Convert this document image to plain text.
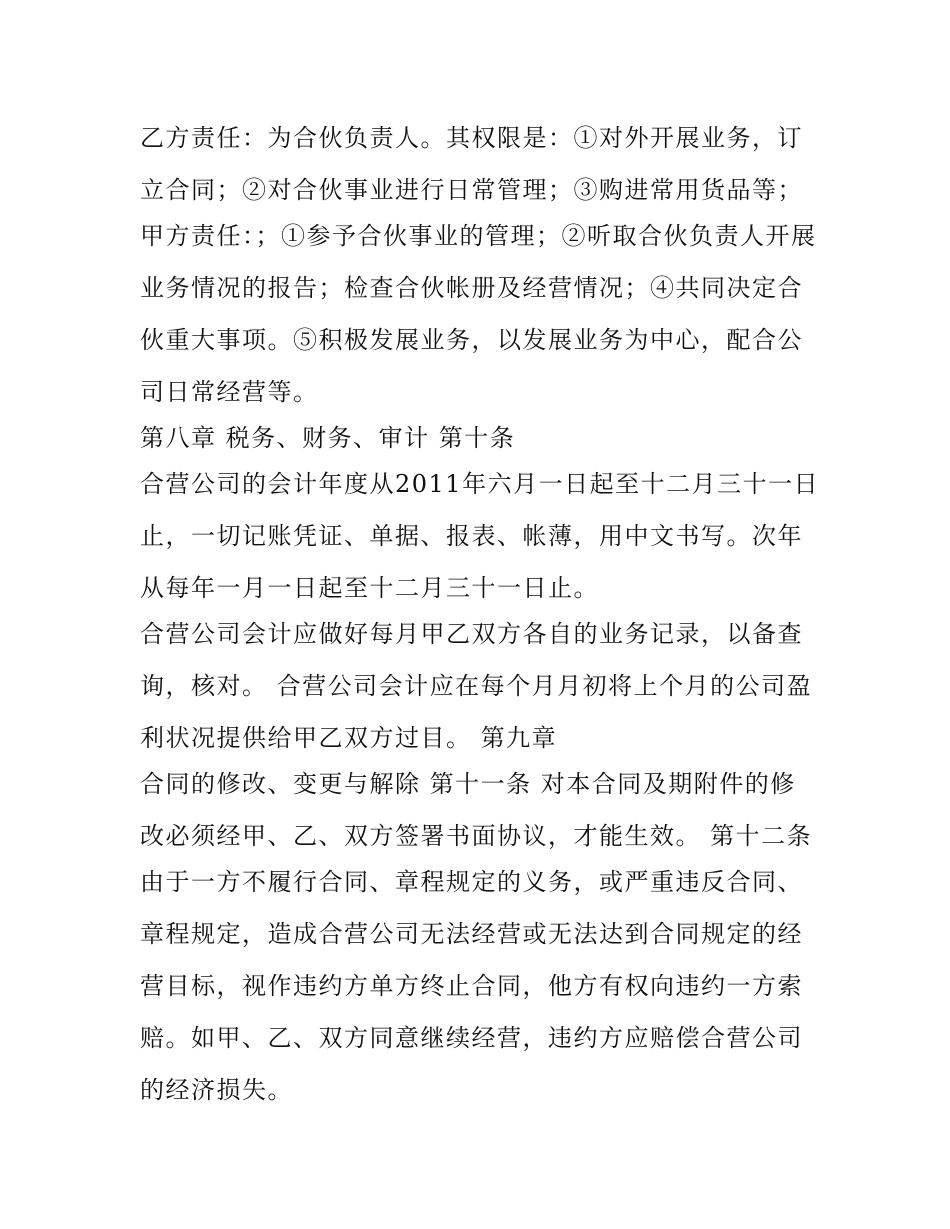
乙方责任：为合伙负责人。其权限是：①对外开展业务，订立合同；②对合伙事业进行日常管理；③购进常用货品等；

甲方责任：；①参予合伙事业的管理；②听取合伙负责人开展业务情况的报告；检查合伙帐册及经营情况；④共同决定合伙重大事项。⑤积极发展业务，以发展业务为中心，配合公司日常经营等。

第八章 税务、财务、审计 第十条

合营公司的会计年度从2011年六月一日起至十二月三十一日止，一切记账凭证、单据、报表、帐薄，用中文书写。次年从每年一月一日起至十二月三十一日止。

合营公司会计应做好每月甲乙双方各自的业务记录，以备查询，核对。 合营公司会计应在每个月月初将上个月的公司盈利状况提供给甲乙双方过目。 第九章

合同的修改、变更与解除 第十一条 对本合同及期附件的修改必须经甲、乙、双方签署书面协议，才能生效。 第十二条

由于一方不履行合同、章程规定的义务，或严重违反合同、章程规定，造成合营公司无法经营或无法达到合同规定的经营目标，视作违约方单方终止合同，他方有权向违约一方索赔。如甲、乙、双方同意继续经营，违约方应赔偿合营公司的经济损失。
